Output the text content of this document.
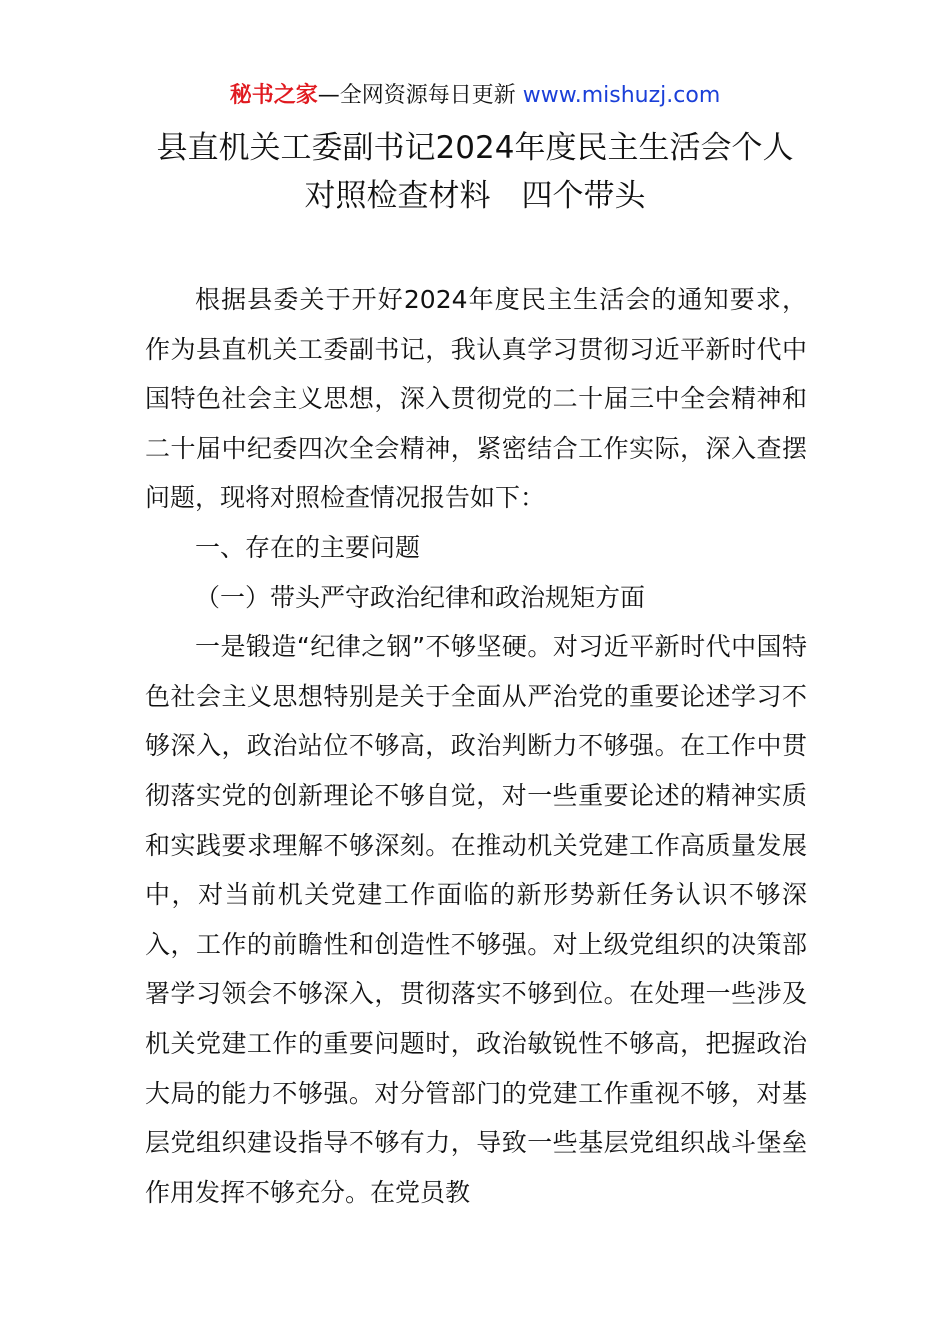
秘书之家—全网资源每日更新 www.mishuzj.com
县直机关工委副书记2024年度民主生活会个人
对照检查材料　四个带头

根据县委关于开好2024年度民主生活会的通知要求，作为县直机关工委副书记，我认真学习贯彻习近平新时代中国特色社会主义思想，深入贯彻党的二十届三中全会精神和二十届中纪委四次全会精神，紧密结合工作实际，深入查摆问题，现将对照检查情况报告如下：

一、存在的主要问题

（一）带头严守政治纪律和政治规矩方面

一是锻造“纪律之钢”不够坚硬。对习近平新时代中国特色社会主义思想特别是关于全面从严治党的重要论述学习不够深入，政治站位不够高，政治判断力不够强。在工作中贯彻落实党的创新理论不够自觉，对一些重要论述的精神实质和实践要求理解不够深刻。在推动机关党建工作高质量发展中，对当前机关党建工作面临的新形势新任务认识不够深入，工作的前瞻性和创造性不够强。对上级党组织的决策部署学习领会不够深入，贯彻落实不够到位。在处理一些涉及机关党建工作的重要问题时，政治敏锐性不够高，把握政治大局的能力不够强。对分管部门的党建工作重视不够，对基层党组织建设指导不够有力，导致一些基层党组织战斗堡垒作用发挥不够充分。在党员教
